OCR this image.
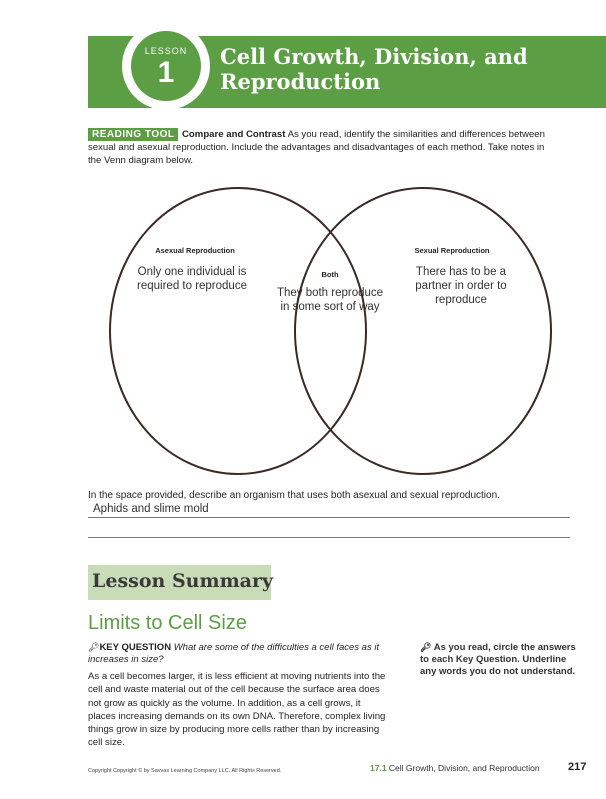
CHAPTER 17	LESSON
1	Cell Growth, Division, and
Reproduction
Compare and Contrast As you read, identify the similarities and differences between sexual and asexual reproduction. Include the advantages and disadvantages of each method. Take notes in the Venn diagram below.
READING TOOL
Asexual Reproduction
Only one individual is required to reproduce
Both
They both reproduce in some sort of way
Sexual Reproduction
There has to be a partner in order to reproduce
In the space provided, describe an organism that uses both asexual and sexual reproduction.
Aphids and slime mold
Lesson Summary
Limits to Cell Size
🔑︎KEY QUESTION What are some of the difficulties a cell faces as it increases in size?
As a cell becomes larger, it is less efficient at moving nutrients into the cell and waste material out of the cell because the surface area does not grow as quickly as the volume. In addition, as a cell grows, it places increasing demands on its own DNA. Therefore, complex living things grow in size by producing more cells rather than by increasing cell size.
🔑︎ As you read, circle the answers to each Key Question. Underline any words you do not understand.
Copyright Copyright © by Savvas Learning Company LLC. All Rights Reserved.	17.1 Cell Growth, Division, and Reproduction	217
